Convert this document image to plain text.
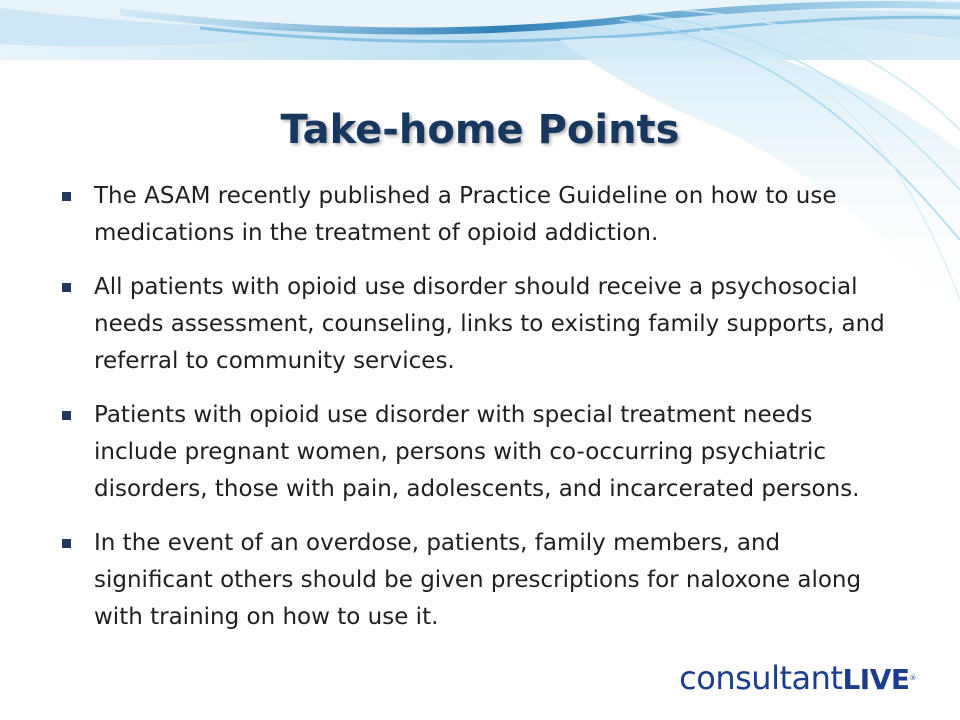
Take-home Points
The ASAM recently published a Practice Guideline on how to use medications in the treatment of opioid addiction.
All patients with opioid use disorder should receive a psychosocial needs assessment, counseling, links to existing family supports, and referral to community services.
Patients with opioid use disorder with special treatment needs include pregnant women, persons with co-occurring psychiatric disorders, those with pain, adolescents, and incarcerated persons.
In the event of an overdose, patients, family members, and significant others should be given prescriptions for naloxone along with training on how to use it.
consultantLIVE®
